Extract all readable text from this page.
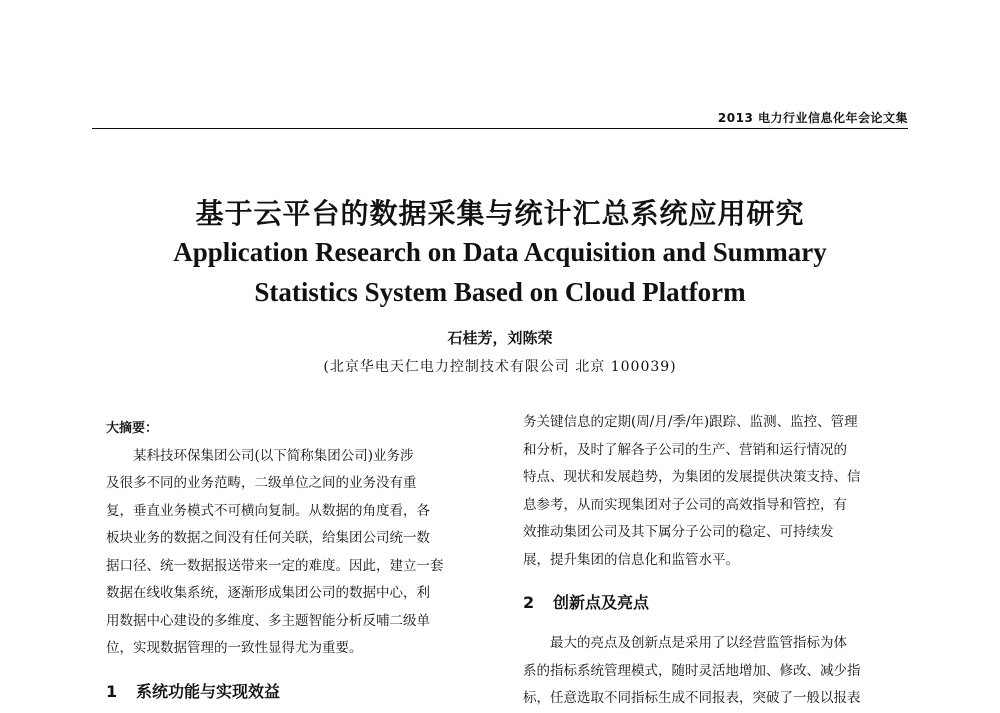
2013 电力行业信息化年会论文集
基于云平台的数据采集与统计汇总系统应用研究
Application Research on Data Acquisition and Summary
Statistics System Based on Cloud Platform
石桂芳，刘陈荣
(北京华电天仁电力控制技术有限公司 北京 100039)

大摘要：

某科技环保集团公司(以下简称集团公司)业务涉

及很多不同的业务范畴，二级单位之间的业务没有重

复，垂直业务模式不可横向复制。从数据的角度看，各

板块业务的数据之间没有任何关联，给集团公司统一数

据口径、统一数据报送带来一定的难度。因此，建立一套

数据在线收集系统，逐渐形成集团公司的数据中心，利

用数据中心建设的多维度、多主题智能分析反哺二级单

位，实现数据管理的一致性显得尤为重要。

1 系统功能与实现效益

务关键信息的定期(周/月/季/年)跟踪、监测、监控、管理

和分析，及时了解各子公司的生产、营销和运行情况的

特点、现状和发展趋势，为集团的发展提供决策支持、信

息参考，从而实现集团对子公司的高效指导和管控，有

效推动集团公司及其下属分子公司的稳定、可持续发

展，提升集团的信息化和监管水平。

2 创新点及亮点

最大的亮点及创新点是采用了以经营监管指标为体

系的指标系统管理模式，随时灵活地增加、修改、减少指

标，任意选取不同指标生成不同报表，突破了一般以报表
